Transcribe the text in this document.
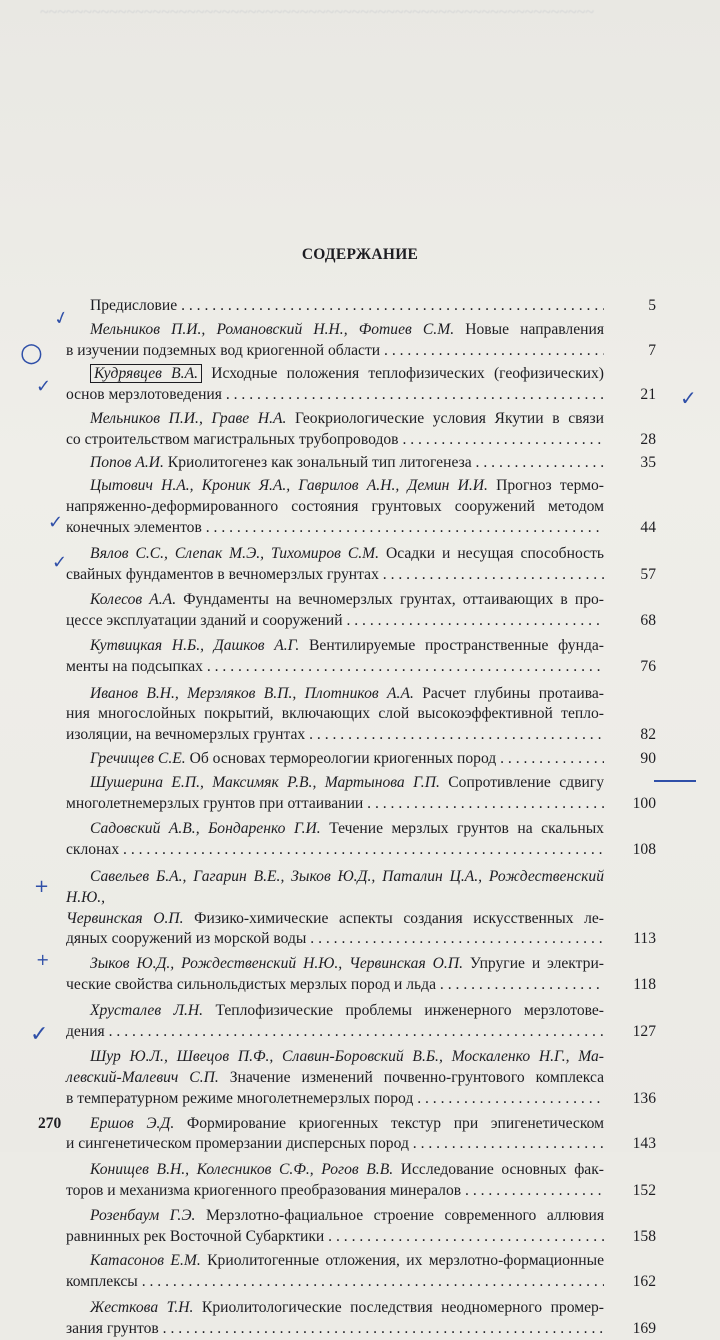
~~~~~~~~~~~~~~~~~~~~~~~~~~~~~~~~~~~~~~~~~~~~~~~~~~~~~~~~~~~~~~~~
СОДЕРЖАНИЕ
Предисловие . . .	5
Мельников П.И., Романовский Н.Н., Фотиев С.М. Новые направления
в изучении подземных вод криогенной области . . .	7
Кудрявцев В.А. Исходные положения теплофизических (геофизических)
основ мерзлотоведения . . .	21
Мельников П.И., Граве Н.А. Геокриологические условия Якутии в связи
со строительством магистральных трубопроводов . . .	28
Попов А.И. Криолитогенез как зональный тип литогенеза . . .	35
Цытович Н.А., Кроник Я.А., Гаврилов А.Н., Демин И.И. Прогноз термо-
напряженно-деформированного состояния грунтовых сооружений методом
конечных элементов . . .	44
Вялов С.С., Слепак М.Э., Тихомиров С.М. Осадки и несущая способность
свайных фундаментов в вечномерзлых грунтах . . .	57
Колесов А.А. Фундаменты на вечномерзлых грунтах, оттаивающих в про-
цессе эксплуатации зданий и сооружений . . .	68
Кутвицкая Н.Б., Дашков А.Г. Вентилируемые пространственные фунда-
менты на подсыпках . . .	76
Иванов В.Н., Мерзляков В.П., Плотников А.А. Расчет глубины протаива-
ния многослойных покрытий, включающих слой высокоэффективной тепло-
изоляции, на вечномерзлых грунтах . . .	82
Гречищев С.Е. Об основах термореологии криогенных пород . . .	90
Шушерина Е.П., Максимяк Р.В., Мартынова Г.П. Сопротивление сдвигу
многолетнемерзлых грунтов при оттаивании . . .	100
Садовский А.В., Бондаренко Г.И. Течение мерзлых грунтов на скальных
склонах . . .	108
Савельев Б.А., Гагарин В.Е., Зыков Ю.Д., Паталин Ц.А., Рождественский Н.Ю.,
Червинская О.П. Физико-химические аспекты создания искусственных ле-
дяных сооружений из морской воды . . .	113
Зыков Ю.Д., Рождественский Н.Ю., Червинская О.П. Упругие и электри-
ческие свойства сильнольдистых мерзлых пород и льда . . .	118
Хрусталев Л.Н. Теплофизические проблемы инженерного мерзлотове-
дения . . .	127
Шур Ю.Л., Швецов П.Ф., Славин-Боровский В.Б., Москаленко Н.Г., Ма-
левский-Малевич С.П. Значение изменений почвенно-грунтового комплекса
в температурном режиме многолетнемерзлых пород . . .	136
Ершов Э.Д. Формирование криогенных текстур при эпигенетическом
и сингенетическом промерзании дисперсных пород . . .	143
Конищев В.Н., Колесников С.Ф., Рогов В.В. Исследование основных фак-
торов и механизма криогенного преобразования минералов . . .	152
Розенбаум Г.Э. Мерзлотно-фациальное строение современного аллювия
равнинных рек Восточной Субарктики . . .	158
Катасонов Е.М. Криолитогенные отложения, их мерзлотно-формационные
комплексы . . .	162
Жесткова Т.Н. Криолитологические последствия неодномерного промер-
зания грунтов . . .	169
270
✓
○
✓	✓
✓
✓
+
+
✓
